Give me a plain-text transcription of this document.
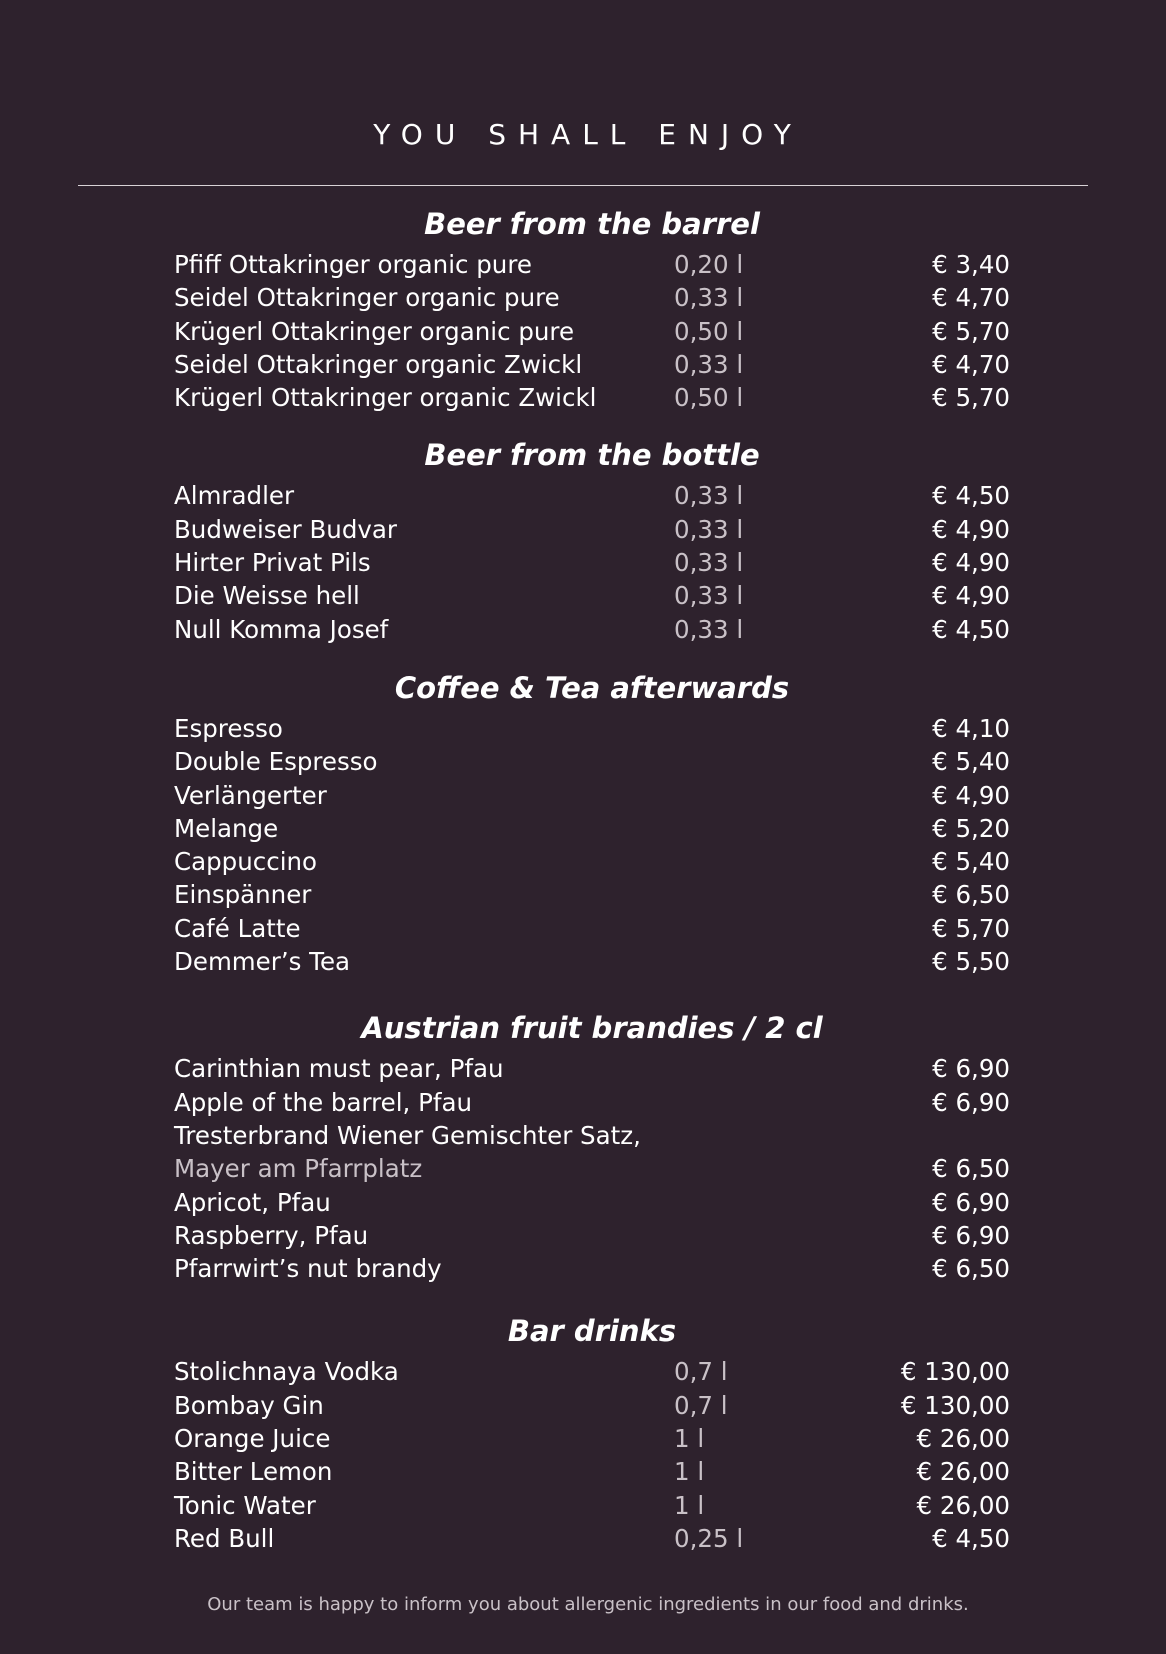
YOU SHALL ENJOY
Beer from the barrel
Pfiff Ottakringer organic pure	0,20 l	€ 3,40
Seidel Ottakringer organic pure	0,33 l	€ 4,70
Krügerl Ottakringer organic pure	0,50 l	€ 5,70
Seidel Ottakringer organic Zwickl	0,33 l	€ 4,70
Krügerl Ottakringer organic Zwickl	0,50 l	€ 5,70
Beer from the bottle
Almradler	0,33 l	€ 4,50
Budweiser Budvar	0,33 l	€ 4,90
Hirter Privat Pils	0,33 l	€ 4,90
Die Weisse hell	0,33 l	€ 4,90
Null Komma Josef	0,33 l	€ 4,50
Coffee & Tea afterwards
Espresso	€ 4,10
Double Espresso	€ 5,40
Verlängerter	€ 4,90
Melange	€ 5,20
Cappuccino	€ 5,40
Einspänner	€ 6,50
Café Latte	€ 5,70
Demmer’s Tea	€ 5,50
Austrian fruit brandies / 2 cl
Carinthian must pear, Pfau	€ 6,90
Apple of the barrel, Pfau	€ 6,90
Tresterbrand Wiener Gemischter Satz,
Mayer am Pfarrplatz	€ 6,50
Apricot, Pfau	€ 6,90
Raspberry, Pfau	€ 6,90
Pfarrwirt’s nut brandy	€ 6,50
Bar drinks
Stolichnaya Vodka	0,7 l	€ 130,00
Bombay Gin	0,7 l	€ 130,00
Orange Juice	1 l	€ 26,00
Bitter Lemon	1 l	€ 26,00
Tonic Water	1 l	€ 26,00
Red Bull	0,25 l	€ 4,50

Our team is happy to inform you about allergenic ingredients in our food and drinks.
